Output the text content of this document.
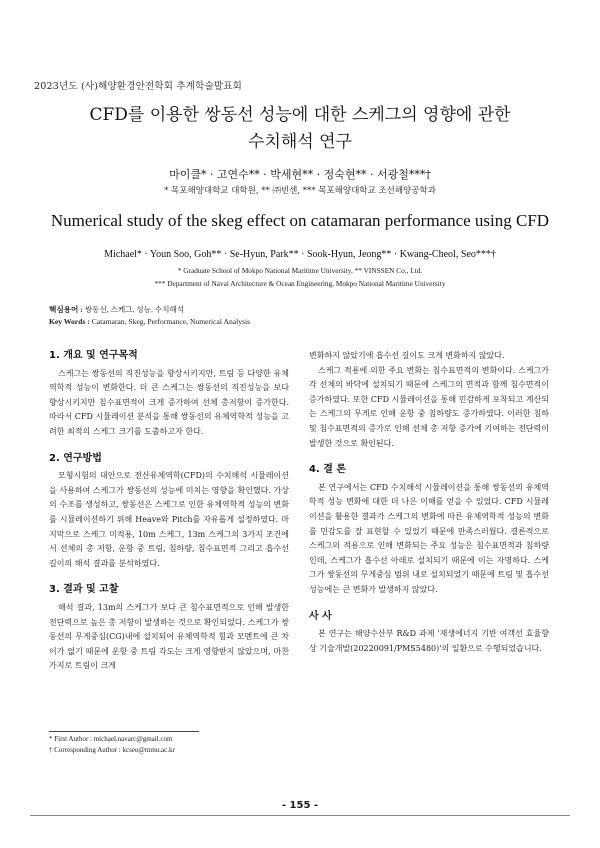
2023년도 (사)해양환경안전학회 추계학술발표회
CFD를 이용한 쌍동선 성능에 대한 스케그의 영향에 관한
수치해석 연구
마이클* · 고연수** · 박세현** · 정숙현** · 서광철***†
* 목포해양대학교 대학원, ** ㈜빈센, *** 목포해양대학교 조선해양공학과
Numerical study of the skeg effect on catamaran performance using CFD
Michael* · Youn Soo, Goh** · Se-Hyun, Park** · Sook-Hyun, Jeong** · Kwang-Cheol, Seo***†
* Graduate School of Mokpo National Maritime University, ** VINSSEN Co., Ltd.
*** Department of Naval Architecture & Ocean Engineering, Mokpo National Maritime University
핵심용어 : 쌍동선, 스케그, 성능, 수치해석
Key Words : Catamaran, Skeg, Performance, Numerical Analysis
1. 개요 및 연구목적

스케그는 쌍동선의 직진성능을 향상시키지만, 트림 등 다양한 유체역학적 성능이 변화한다. 더 큰 스케그는 쌍동선의 직진성능을 보다 향상시키지만 침수표면적이 크게 증가하여 선체 총저항이 증가한다. 따라서 CFD 시뮬레이션 분석을 통해 쌍동선의 유체역학적 성능을 고려한 최적의 스케그 크기를 도출하고자 한다.

2. 연구방법

모형시험의 대안으로 전산유체역학(CFD)의 수치해석 시뮬레이션을 사용하여 스케그가 쌍동선의 성능에 미치는 영향을 확인했다. 가상의 수조를 생성하고, 쌍동선은 스케그로 인한 유체역학적 성능의 변화를 시뮬레이션하기 위해 Heave와 Pitch를 자유롭게 설정하였다. 마지막으로 스케그 미적용, 10m 스케그, 13m 스케그의 3가지 조건에서 선체의 총 저항, 운항 중 트림, 침하량, 침수표면적 그리고 흡수선 길이의 해석 결과를 분석하였다.

3. 결과 및 고찰

해석 결과, 13m의 스케그가 보다 큰 침수표면적으로 인해 발생한 전단력으로 높은 총 저항이 발생하는 것으로 확인되었다. 스케그가 쌍동선의 무게중심(CG)내에 설치되어 유체역학적 힘과 모멘트에 큰 차이가 없기 때문에 운항 중 트림 각도는 크게 영향받지 않았으며, 마찬가지로 트림이 크게

변화하지 않았기에 흡수선 길이도 크게 변화하지 않았다.

스케그 적용에 의한 주요 변화는 침수표면적의 변화이다. 스케그가 각 선체의 바닥에 설치되기 때문에 스케그의 면적과 함께 침수면적이 증가하였다. 또한 CFD 시뮬레이션을 통해 민감하게 포착되고 계산되는 스케그의 무게로 인해 운항 중 침하량도 증가하였다. 이러한 침하 및 침수표면적의 증가로 인해 선체 총 저항 증가에 기여하는 전단력이 발생한 것으로 확인된다.

4. 결 론

본 연구에서는 CFD 수치해석 시뮬레이션을 통해 쌍동선의 유체역학적 성능 변화에 대한 더 나은 이해를 얻을 수 있었다. CFD 시뮬레이션을 활용한 결과가 스케그의 변화에 따른 유체역학적 성능의 변화를 민감도를 잘 표현할 수 있었기 때문에 만족스러웠다. 결론적으로 스케그의 적용으로 인해 변화되는 주요 성능은 침수표면적과 침하량인데, 스케그가 흡수선 아래로 설치되기 때문에 이는 자명하다. 스케그가 쌍동선의 무게중심 범위 내로 설치되었기 때문에 트림 및 흡수선 성능에는 큰 변화가 발생하지 않았다.

사 사

본 연구는 해양수산부 R&D 과제 '재생에너지 기반 여객선 효율향상 기술개발(20220091/PMS5480)'의 일환으로 수행되었습니다.

* First Author : michael.navarc@gmail.com
† Corresponding Author : kcseo@mmu.ac.kr
- 155 -
